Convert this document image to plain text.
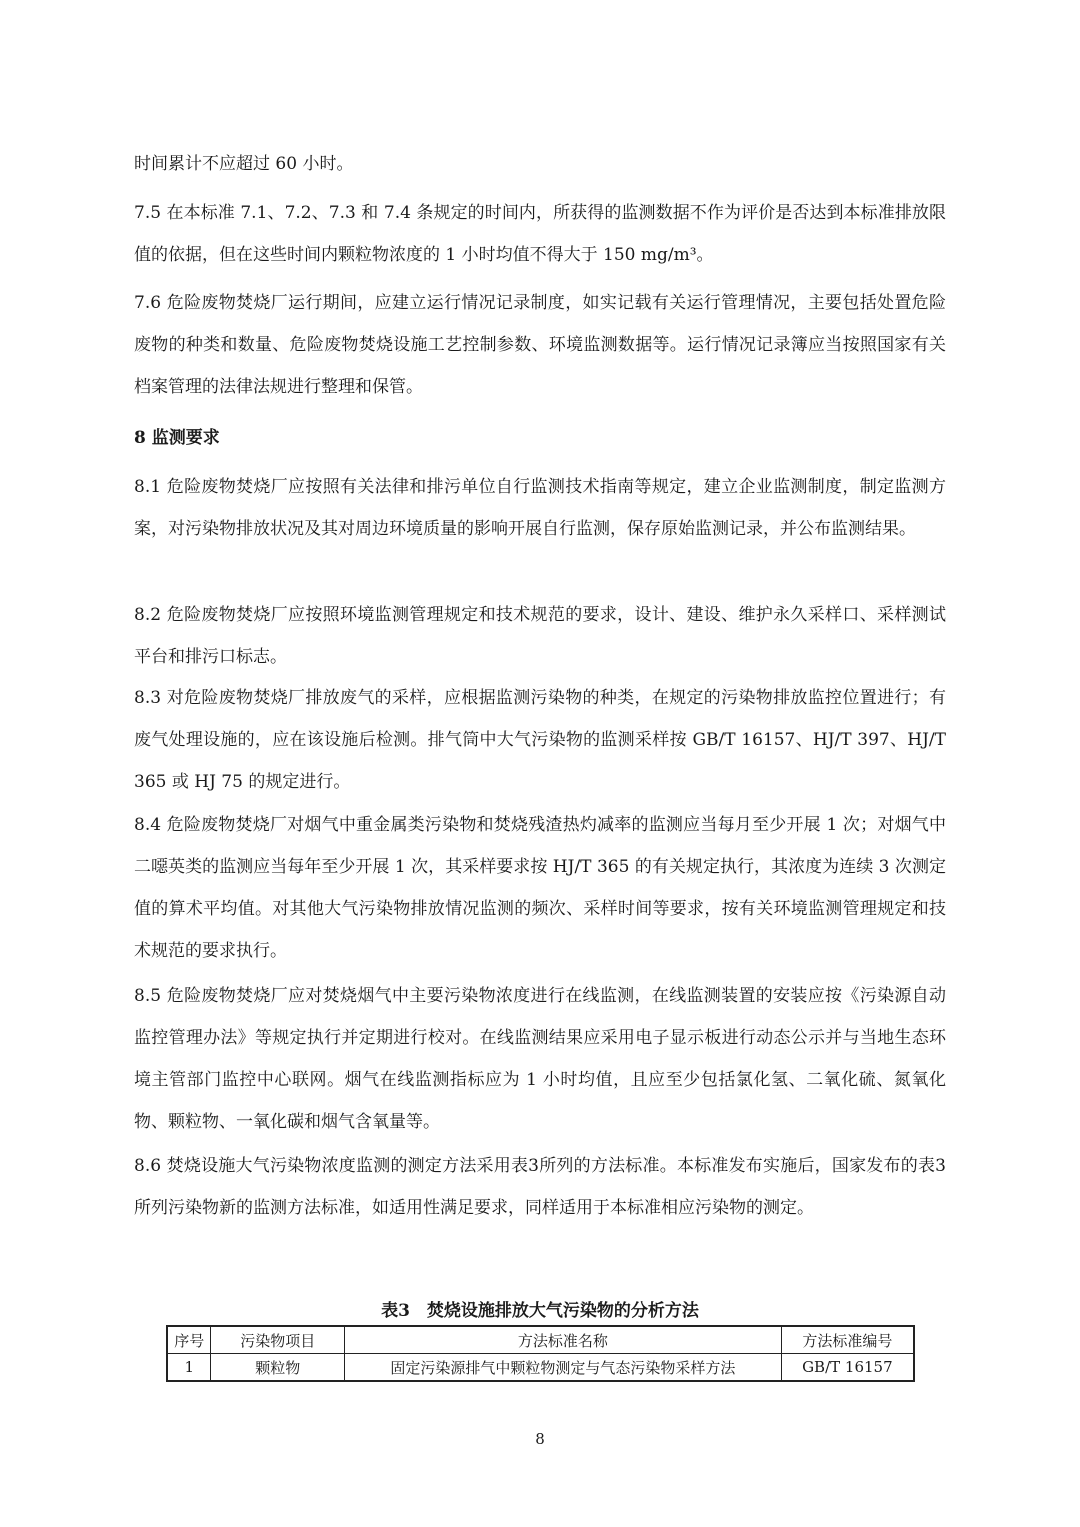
时间累计不应超过 60 小时。

7.5 在本标准 7.1、7.2、7.3 和 7.4 条规定的时间内，所获得的监测数据不作为评价是否达到本标准排放限值的依据，但在这些时间内颗粒物浓度的 1 小时均值不得大于 150 mg/m³。

7.6 危险废物焚烧厂运行期间，应建立运行情况记录制度，如实记载有关运行管理情况，主要包括处置危险废物的种类和数量、危险废物焚烧设施工艺控制参数、环境监测数据等。运行情况记录簿应当按照国家有关档案管理的法律法规进行整理和保管。

8 监测要求

8.1 危险废物焚烧厂应按照有关法律和排污单位自行监测技术指南等规定，建立企业监测制度，制定监测方案，对污染物排放状况及其对周边环境质量的影响开展自行监测，保存原始监测记录，并公布监测结果。

8.2 危险废物焚烧厂应按照环境监测管理规定和技术规范的要求，设计、建设、维护永久采样口、采样测试平台和排污口标志。

8.3 对危险废物焚烧厂排放废气的采样，应根据监测污染物的种类，在规定的污染物排放监控位置进行；有废气处理设施的，应在该设施后检测。排气筒中大气污染物的监测采样按 GB/T 16157、HJ/T 397、HJ/T 365 或 HJ 75 的规定进行。

8.4 危险废物焚烧厂对烟气中重金属类污染物和焚烧残渣热灼减率的监测应当每月至少开展 1 次；对烟气中二噁英类的监测应当每年至少开展 1 次，其采样要求按 HJ/T 365 的有关规定执行，其浓度为连续 3 次测定值的算术平均值。对其他大气污染物排放情况监测的频次、采样时间等要求，按有关环境监测管理规定和技术规范的要求执行。

8.5 危险废物焚烧厂应对焚烧烟气中主要污染物浓度进行在线监测，在线监测装置的安装应按《污染源自动监控管理办法》等规定执行并定期进行校对。在线监测结果应采用电子显示板进行动态公示并与当地生态环境主管部门监控中心联网。烟气在线监测指标应为 1 小时均值，且应至少包括氯化氢、二氧化硫、氮氧化物、颗粒物、一氧化碳和烟气含氧量等。

8.6 焚烧设施大气污染物浓度监测的测定方法采用表3所列的方法标准。本标准发布实施后，国家发布的表3所列污染物新的监测方法标准，如适用性满足要求，同样适用于本标准相应污染物的测定。

表3　焚烧设施排放大气污染物的分析方法
序号	污染物项目	方法标准名称	方法标准编号
1	颗粒物	固定污染源排气中颗粒物测定与气态污染物采样方法	GB/T 16157
8
